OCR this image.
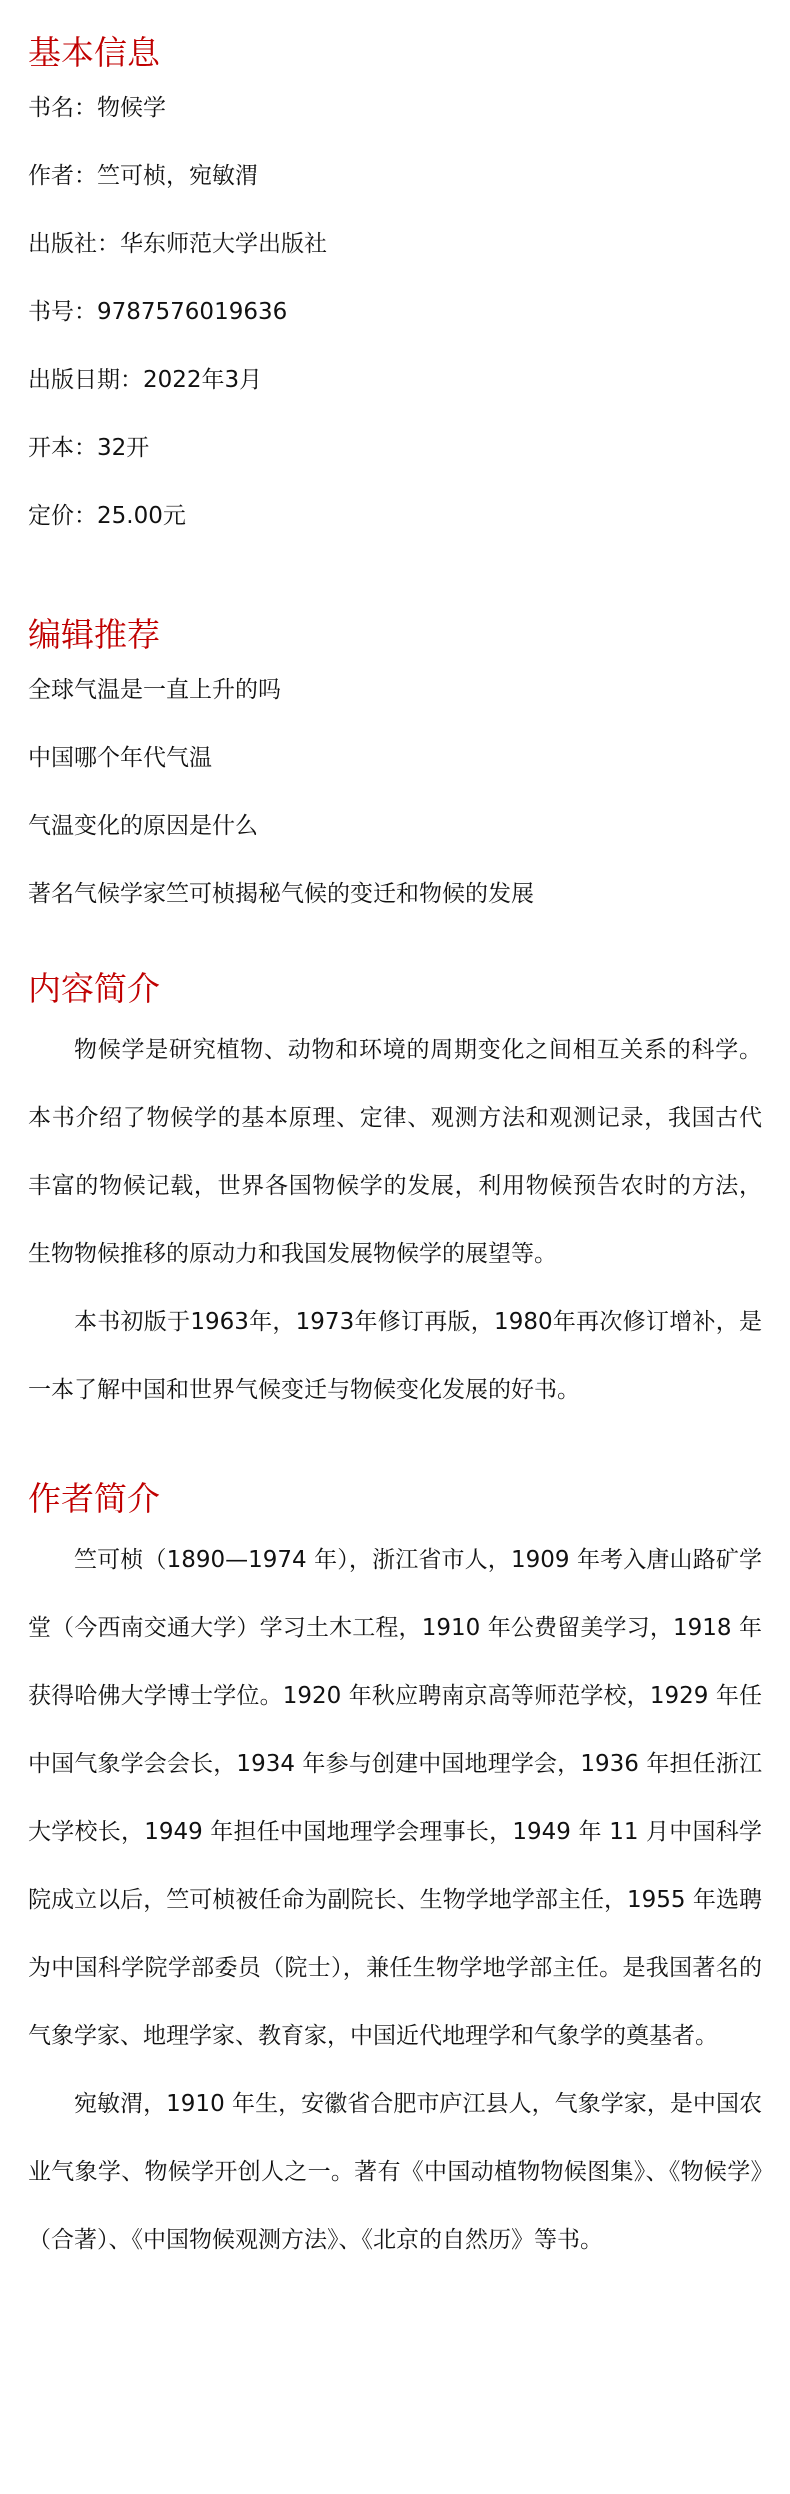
基本信息
书名：物候学
作者：竺可桢，宛敏渭
出版社：华东师范大学出版社
书号：9787576019636
出版日期：2022年3月
开本：32开
定价：25.00元
编辑推荐
全球气温是一直上升的吗
中国哪个年代气温
气温变化的原因是什么
著名气候学家竺可桢揭秘气候的变迁和物候的发展
内容简介

物候学是研究植物、动物和环境的周期变化之间相互关系的科学。本书介绍了物候学的基本原理、定律、观测方法和观测记录，我国古代丰富的物候记载，世界各国物候学的发展，利用物候预告农时的方法，生物物候推移的原动力和我国发展物候学的展望等。

本书初版于1963年，1973年修订再版，1980年再次修订增补，是一本了解中国和世界气候变迁与物候变化发展的好书。

作者简介

竺可桢（1890—1974 年），浙江省市人，1909 年考入唐山路矿学堂（今西南交通大学）学习土木工程，1910 年公费留美学习，1918 年获得哈佛大学博士学位。1920 年秋应聘南京高等师范学校，1929 年任中国气象学会会长，1934 年参与创建中国地理学会，1936 年担任浙江大学校长，1949 年担任中国地理学会理事长，1949 年 11 月中国科学院成立以后，竺可桢被任命为副院长、生物学地学部主任，1955 年选聘为中国科学院学部委员（院士），兼任生物学地学部主任。是我国著名的气象学家、地理学家、教育家，中国近代地理学和气象学的奠基者。

宛敏渭，1910 年生，安徽省合肥市庐江县人，气象学家，是中国农业气象学、物候学开创人之一。著有《中国动植物物候图集》、《物候学》（合著）、《中国物候观测方法》、《北京的自然历》等书。
